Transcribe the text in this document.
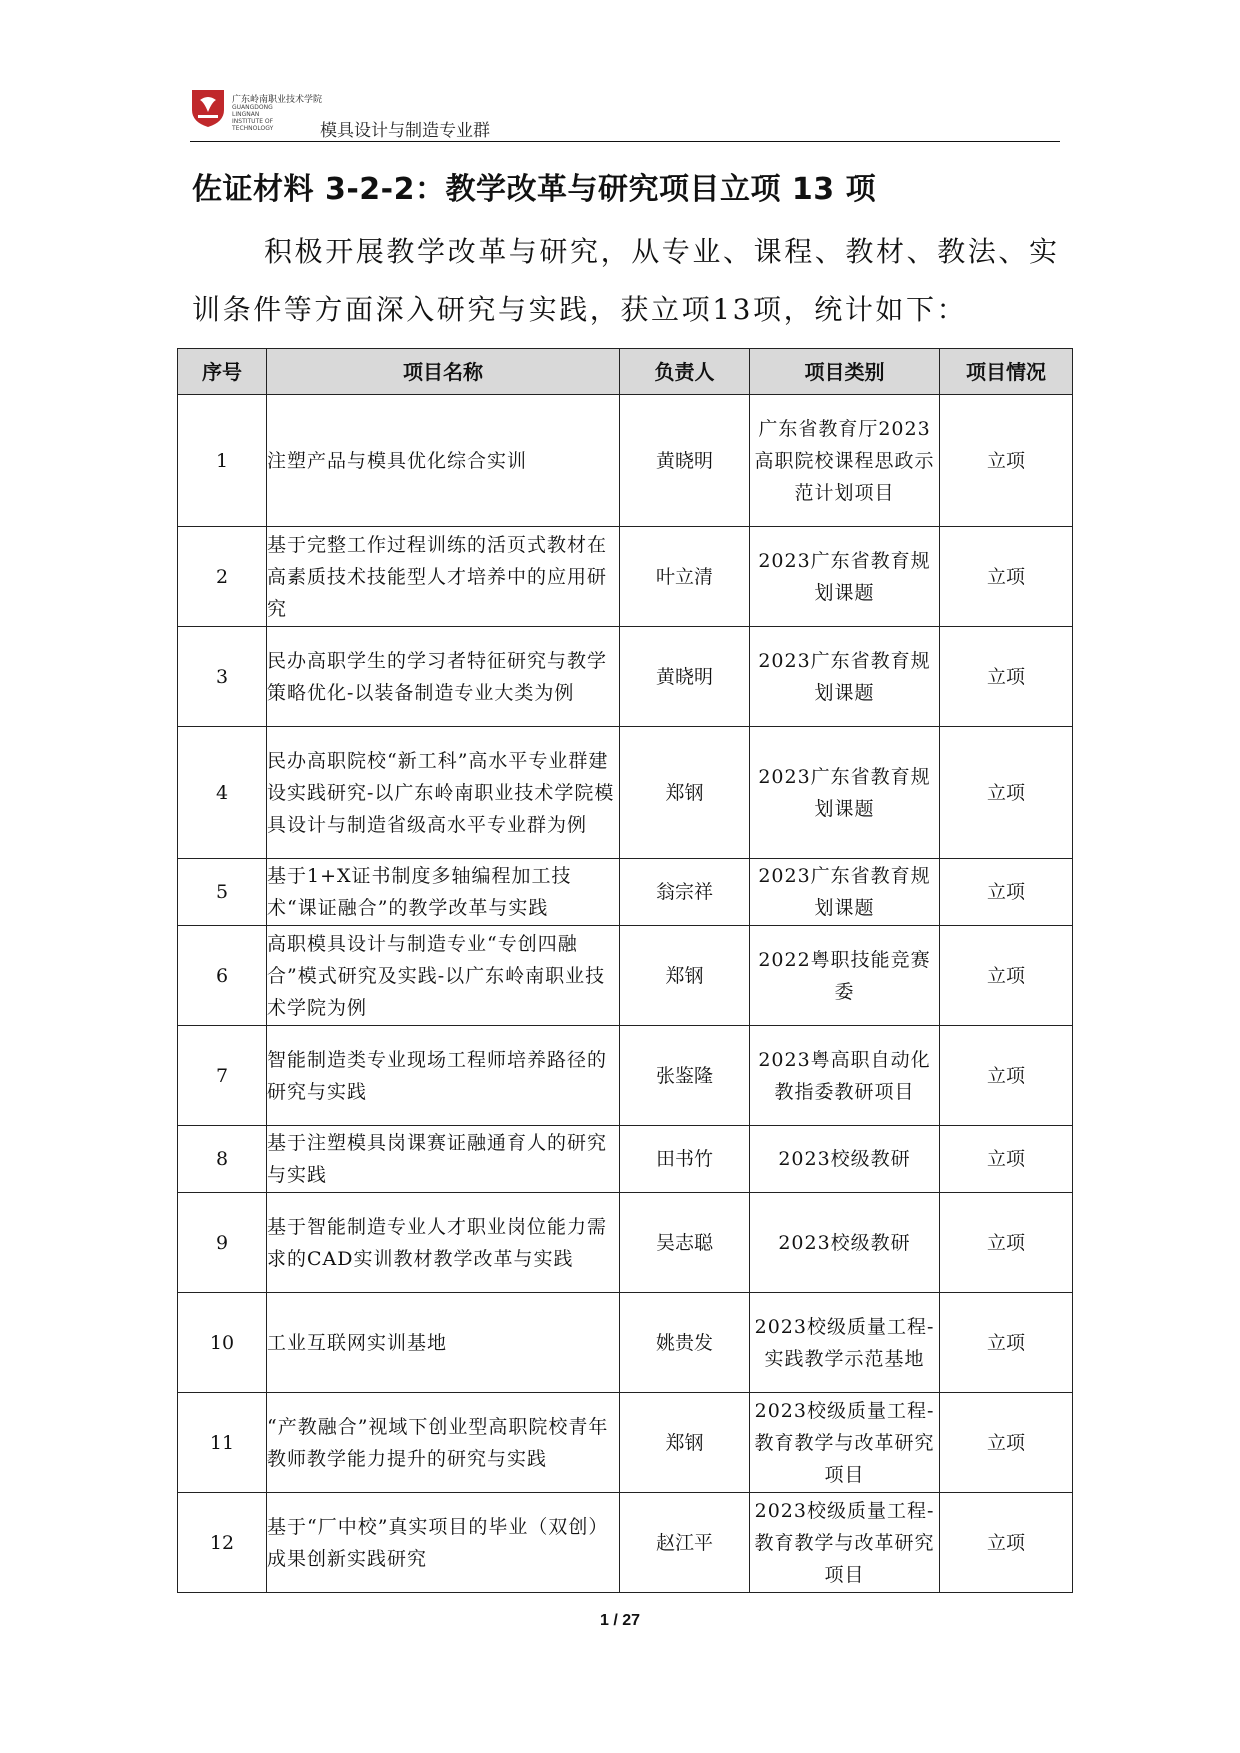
广东岭南职业技术学院
GUANGDONG LINGNAN INSTITUTE OF TECHNOLOGY	模具设计与制造专业群
佐证材料 3-2-2：教学改革与研究项目立项 13 项
积极开展教学改革与研究，从专业、课程、教材、教法、实训条件等方面深入研究与实践，获立项13项，统计如下：
序号	项目名称	负责人	项目类别	项目情况
1	注塑产品与模具优化综合实训	黄晓明	广东省教育厅2023高职院校课程思政示范计划项目	立项
2	基于完整工作过程训练的活页式教材在高素质技术技能型人才培养中的应用研究	叶立清	2023广东省教育规划课题	立项
3	民办高职学生的学习者特征研究与教学策略优化-以装备制造专业大类为例	黄晓明	2023广东省教育规划课题	立项
4	民办高职院校“新工科”高水平专业群建设实践研究-以广东岭南职业技术学院模具设计与制造省级高水平专业群为例	郑钢	2023广东省教育规划课题	立项
5	基于1+X证书制度多轴编程加工技术“课证融合”的教学改革与实践	翁宗祥	2023广东省教育规划课题	立项
6	高职模具设计与制造专业“专创四融合”模式研究及实践-以广东岭南职业技术学院为例	郑钢	2022粤职技能竞赛委	立项
7	智能制造类专业现场工程师培养路径的研究与实践	张鉴隆	2023粤高职自动化教指委教研项目	立项
8	基于注塑模具岗课赛证融通育人的研究与实践	田书竹	2023校级教研	立项
9	基于智能制造专业人才职业岗位能力需求的CAD实训教材教学改革与实践	吴志聪	2023校级教研	立项
10	工业互联网实训基地	姚贵发	2023校级质量工程-实践教学示范基地	立项
11	“产教融合”视域下创业型高职院校青年教师教学能力提升的研究与实践	郑钢	2023校级质量工程-教育教学与改革研究项目	立项
12	基于“厂中校”真实项目的毕业（双创）成果创新实践研究	赵江平	2023校级质量工程-教育教学与改革研究项目	立项
1 / 27
